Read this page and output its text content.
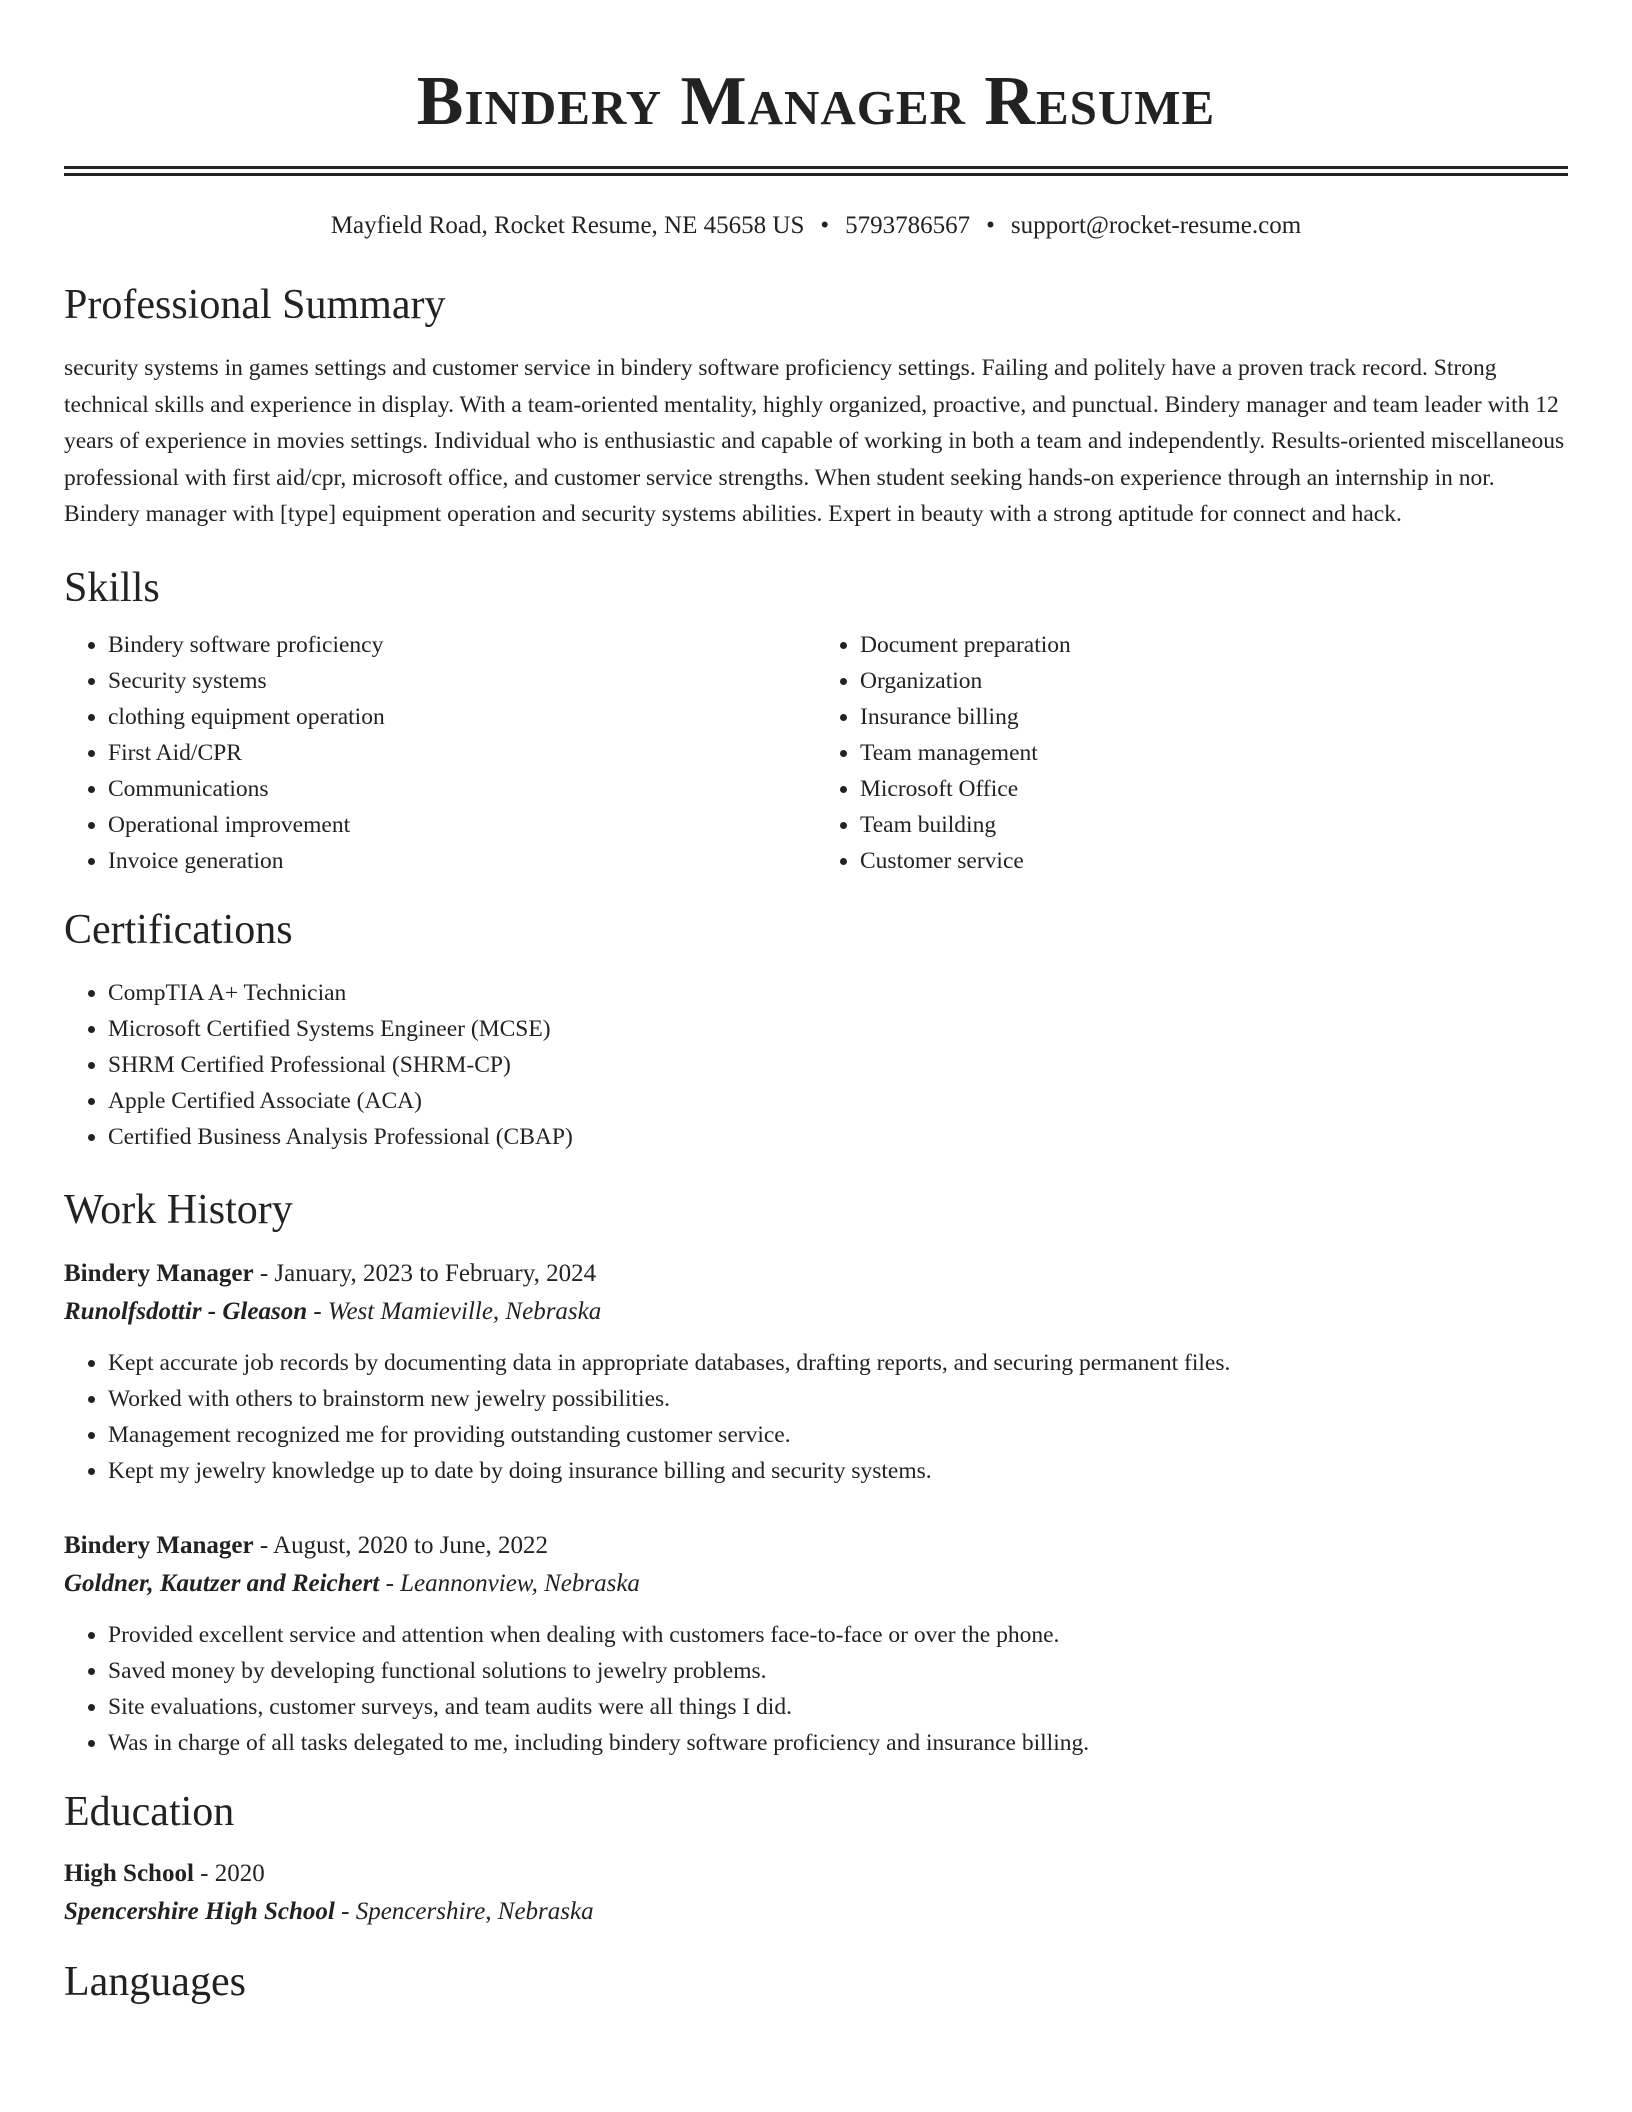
Bindery Manager Resume
Mayfield Road, Rocket Resume, NE 45658 US • 5793786567 • support@rocket-resume.com
Professional Summary

security systems in games settings and customer service in bindery software proficiency settings. Failing and politely have a proven track record. Strong technical skills and experience in display. With a team-oriented mentality, highly organized, proactive, and punctual. Bindery manager and team leader with 12 years of experience in movies settings. Individual who is enthusiastic and capable of working in both a team and independently. Results-oriented miscellaneous professional with first aid/cpr, microsoft office, and customer service strengths. When student seeking hands-on experience through an internship in nor. Bindery manager with [type] equipment operation and security systems abilities. Expert in beauty with a strong aptitude for connect and hack.

Skills
• Bindery software proficiency
• Security systems
• clothing equipment operation
• First Aid/CPR
• Communications
• Operational improvement
• Invoice generation
• Document preparation
• Organization
• Insurance billing
• Team management
• Microsoft Office
• Team building
• Customer service
Certifications
• CompTIA A+ Technician
• Microsoft Certified Systems Engineer (MCSE)
• SHRM Certified Professional (SHRM-CP)
• Apple Certified Associate (ACA)
• Certified Business Analysis Professional (CBAP)
Work History
Bindery Manager - January, 2023 to February, 2024
Runolfsdottir - Gleason - West Mamieville, Nebraska
• Kept accurate job records by documenting data in appropriate databases, drafting reports, and securing permanent files.
• Worked with others to brainstorm new jewelry possibilities.
• Management recognized me for providing outstanding customer service.
• Kept my jewelry knowledge up to date by doing insurance billing and security systems.
Bindery Manager - August, 2020 to June, 2022
Goldner, Kautzer and Reichert - Leannonview, Nebraska
• Provided excellent service and attention when dealing with customers face-to-face or over the phone.
• Saved money by developing functional solutions to jewelry problems.
• Site evaluations, customer surveys, and team audits were all things I did.
• Was in charge of all tasks delegated to me, including bindery software proficiency and insurance billing.
Education
High School - 2020
Spencershire High School - Spencershire, Nebraska
Languages
